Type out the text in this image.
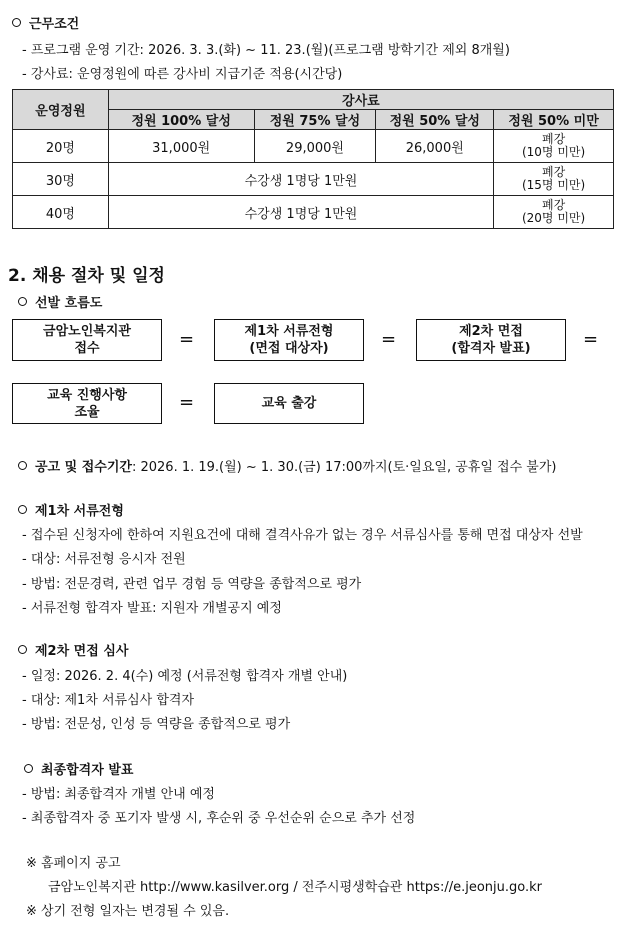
근무조건
- 프로그램 운영 기간: 2026. 3. 3.(화) ~ 11. 23.(월)(프로그램 방학기간 제외 8개월)
- 강사료: 운영정원에 따른 강사비 지급기준 적용(시간당)
운영정원	강사료			
	정원 100% 달성	정원 75% 달성	정원 50% 달성	정원 50% 미만
20명	31,000원	29,000원	26,000원	폐강
(10명 미만)

30명	수강생 1명당 1만원			폐강
(15명 미만)

40명	수강생 1명당 1만원			폐강
(20명 미만)
2. 채용 절차 및 일정
선발 흐름도
금암노인복지관
접수	=	제1차 서류전형
(면접 대상자)	=	제2차 면접
(합격자 발표)	=
교육 진행사항
조율	=	교육 출강
공고 및 접수기간: 2026. 1. 19.(월) ~ 1. 30.(금) 17:00까지(토·일요일, 공휴일 접수 불가)
제1차 서류전형
- 접수된 신청자에 한하여 지원요건에 대해 결격사유가 없는 경우 서류심사를 통해 면접 대상자 선발
- 대상: 서류전형 응시자 전원
- 방법: 전문경력, 관련 업무 경험 등 역량을 종합적으로 평가
- 서류전형 합격자 발표: 지원자 개별공지 예정
제2차 면접 심사
- 일정: 2026. 2. 4(수) 예정 (서류전형 합격자 개별 안내)
- 대상: 제1차 서류심사 합격자
- 방법: 전문성, 인성 등 역량을 종합적으로 평가
최종합격자 발표
- 방법: 최종합격자 개별 안내 예정
- 최종합격자 중 포기자 발생 시, 후순위 중 우선순위 순으로 추가 선정
※ 홈페이지 공고
금암노인복지관 http://www.kasilver.org / 전주시평생학습관 https://e.jeonju.go.kr
※ 상기 전형 일자는 변경될 수 있음.
